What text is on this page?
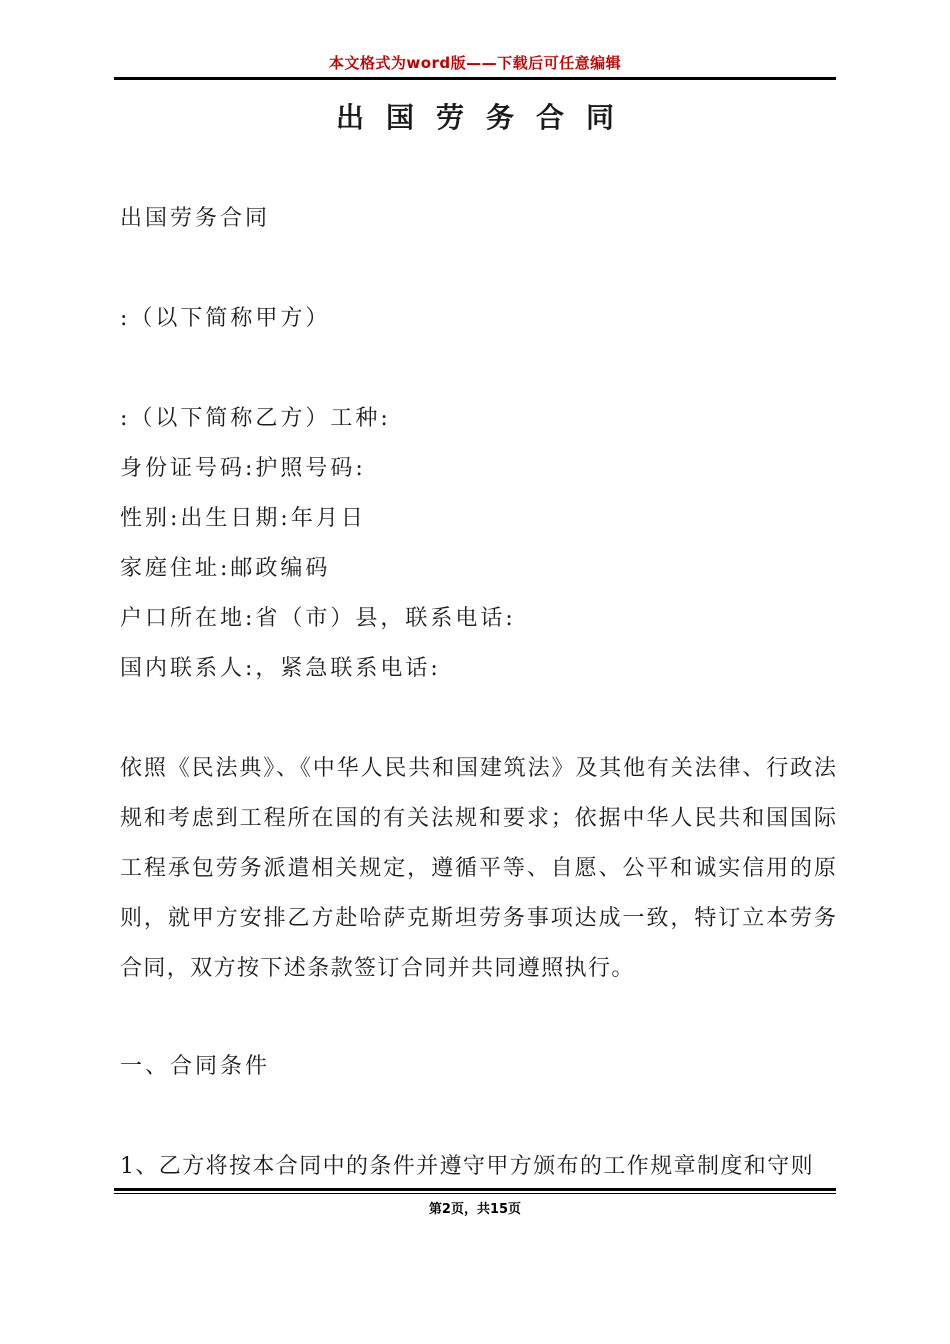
本文格式为word版——下载后可任意编辑
出国劳务合同
出国劳务合同
:（以下简称甲方）
:（以下简称乙方）工种:
身份证号码:护照号码:
性别:出生日期:年月日
家庭住址:邮政编码
户口所在地:省（市）县，联系电话:
国内联系人:，紧急联系电话:
依照《民法典》、《中华人民共和国建筑法》及其他有关法律、行政法
规和考虑到工程所在国的有关法规和要求；依据中华人民共和国国际
工程承包劳务派遣相关规定，遵循平等、自愿、公平和诚实信用的原
则，就甲方安排乙方赴哈萨克斯坦劳务事项达成一致，特订立本劳务
合同，双方按下述条款签订合同并共同遵照执行。
一、合同条件
1、乙方将按本合同中的条件并遵守甲方颁布的工作规章制度和守则
第2页，共15页
